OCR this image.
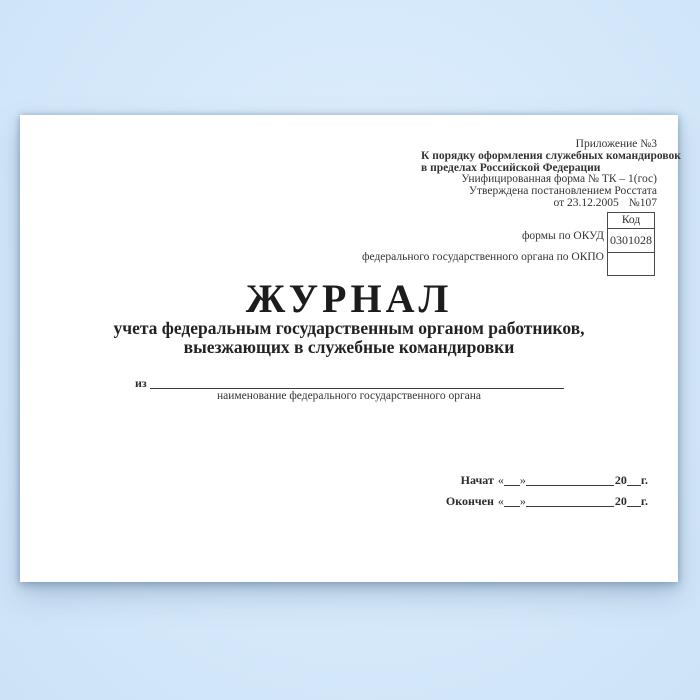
Приложение №3
К порядку оформления служебных командировок
в пределах Российской Федерации
Унифицированная форма № ТК – 1(гос)
Утверждена постановлением Росстата
от 23.12.2005 №107
Код
0301028
формы по ОКУД
федерального государственного органа по ОКПО
ЖУРНАЛ
учета федеральным государственным органом работников,
выезжающих в служебные командировки
из
наименование федерального государственного органа
Начат « »	20 г.
Окончен « »	20 г.
